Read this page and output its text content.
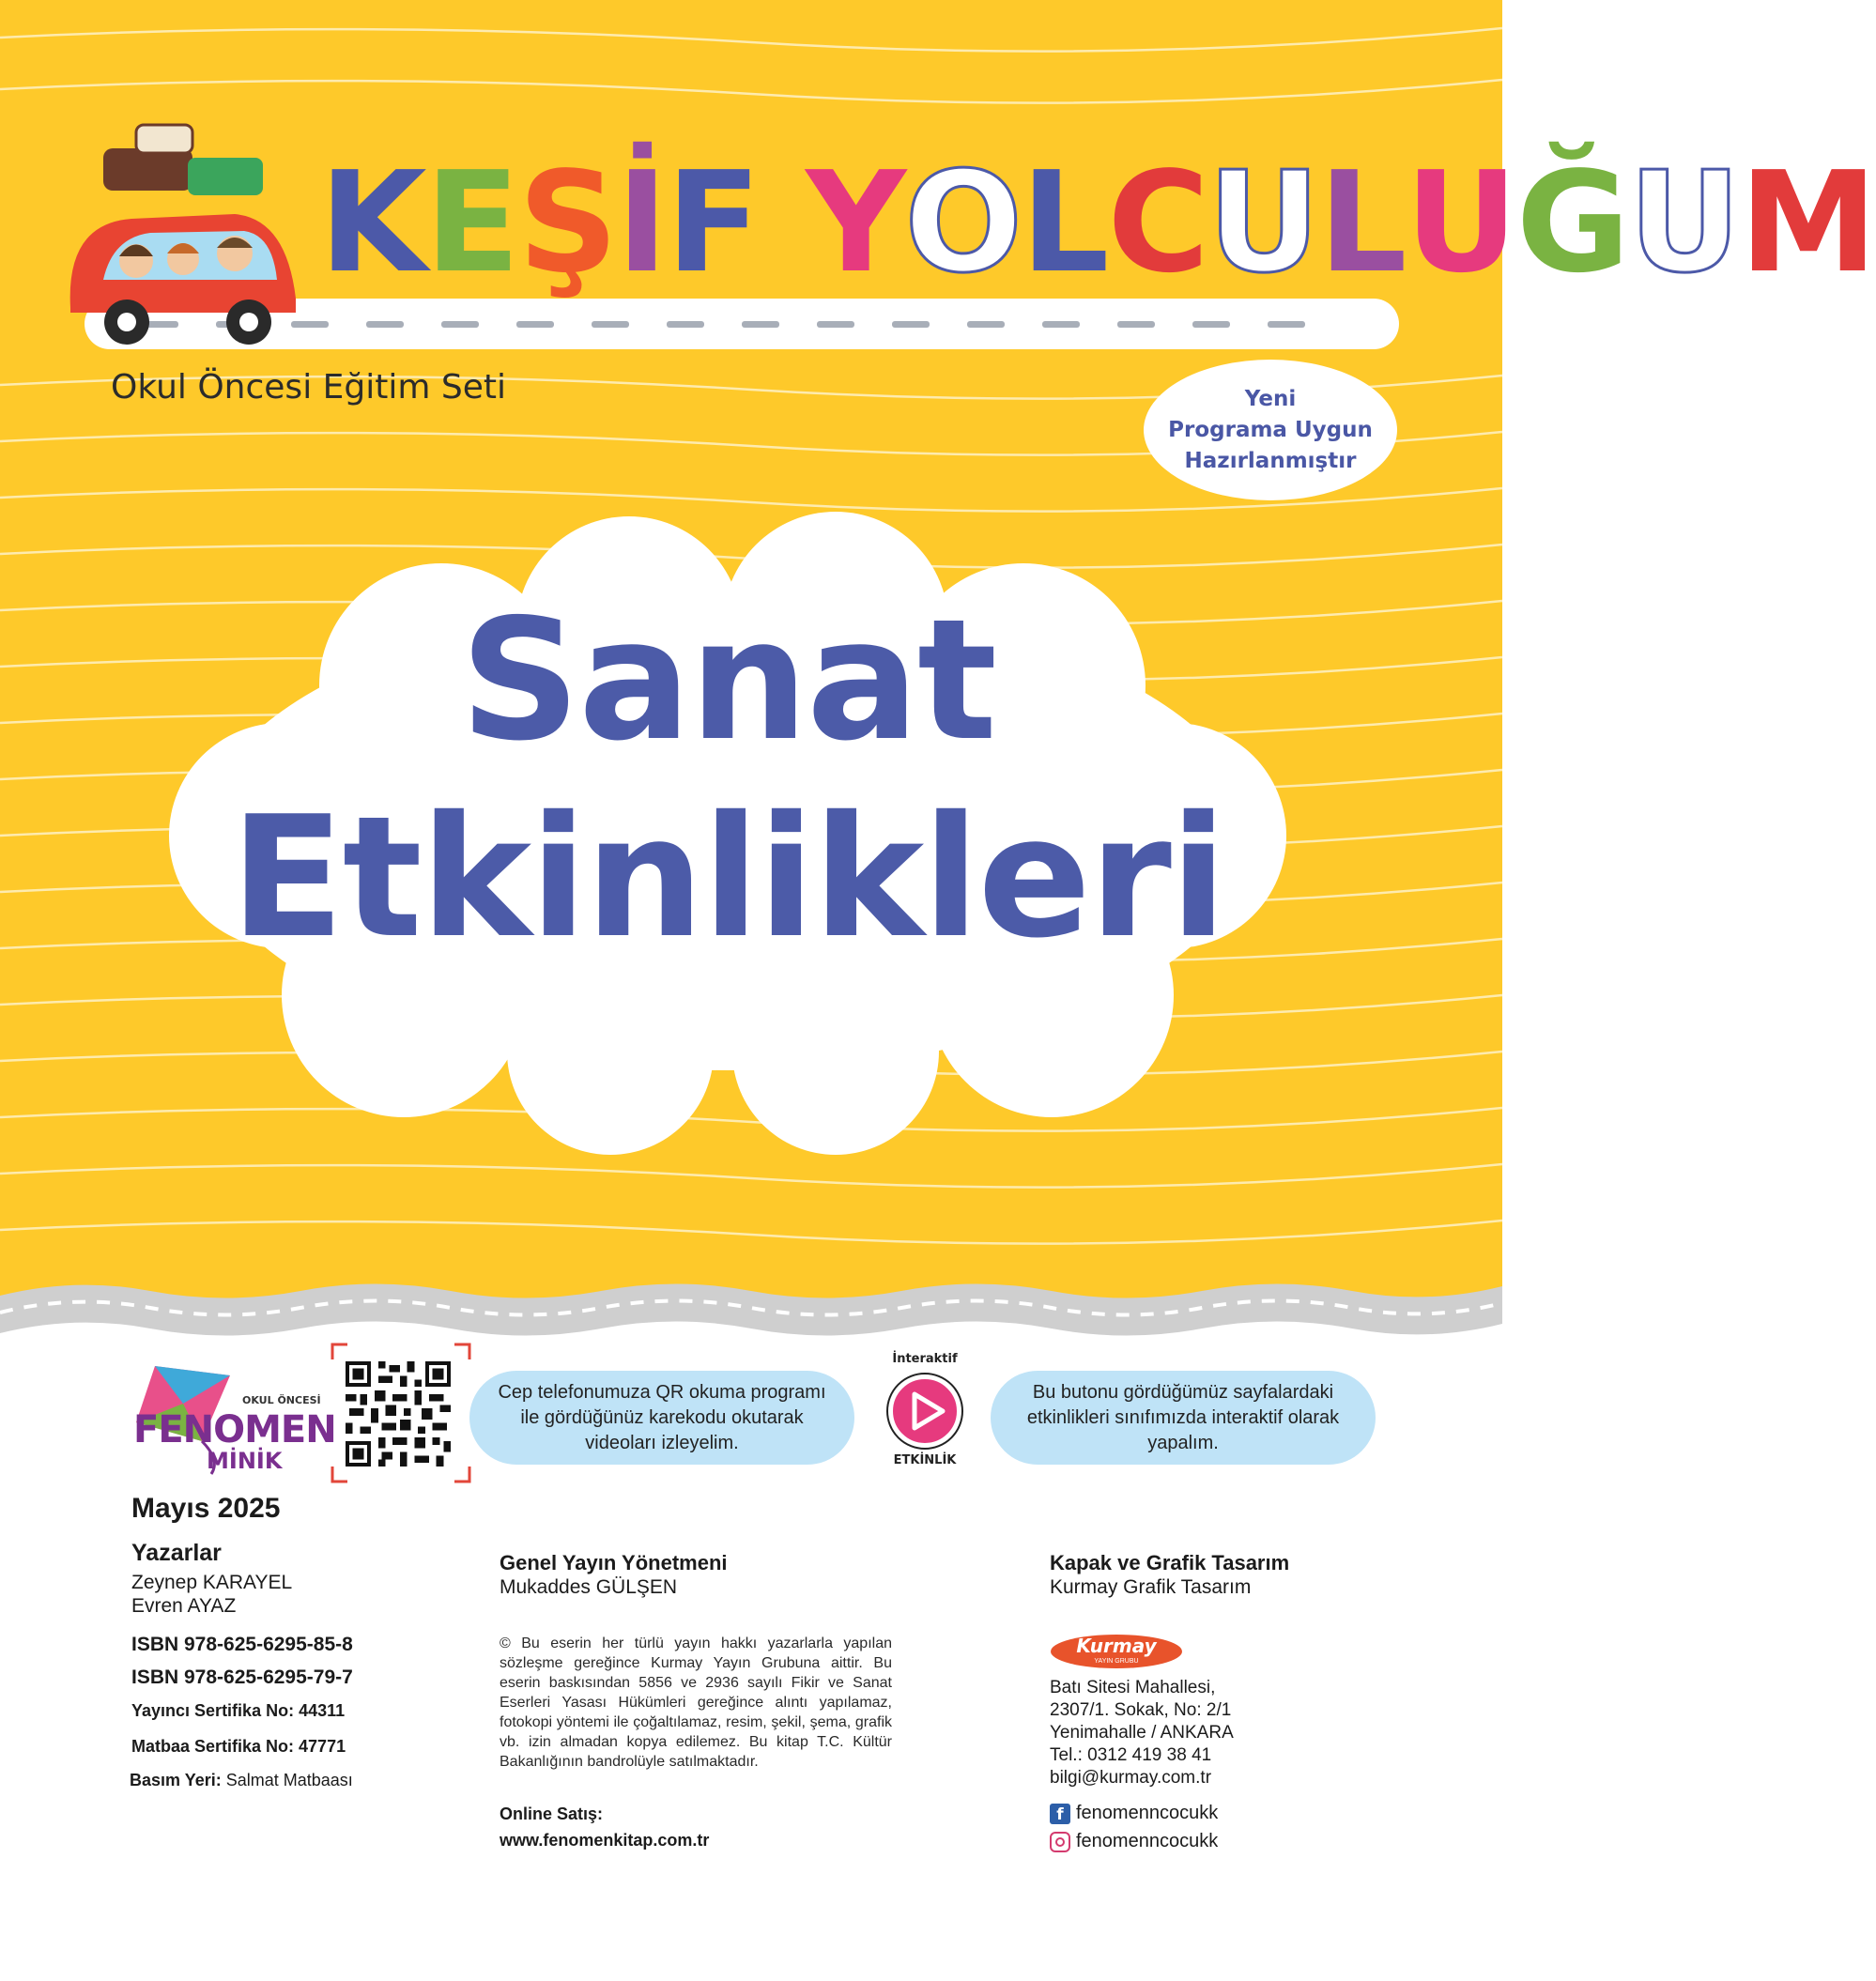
KEŞİF YOLCULUĞUM
Okul Öncesi Eğitim Seti	Yeni
Programa Uygun
Hazırlanmıştır
Sanat
Etkinlikleri
OKUL ÖNCESİ
FENOMEN
MİNİK
Cep telefonumuza QR okuma programı ile gördüğünüz karekodu okutarak videoları izleyelim.
İnteraktif
ETKİNLİK
Bu butonu gördüğümüz sayfalardaki etkinlikleri sınıfımızda interaktif olarak yapalım.
Mayıs 2025
Yazarlar
Zeynep KARAYEL
Evren AYAZ
ISBN 978-625-6295-85-8
ISBN 978-625-6295-79-7
Yayıncı Sertifika No: 44311
Matbaa Sertifika No: 47771
Basım Yeri: Salmat Matbaası
Genel Yayın Yönetmeni
Mukaddes GÜLŞEN
© Bu eserin her türlü yayın hakkı yazarlarla yapılan sözleşme gereğince Kurmay Yayın Grubuna aittir. Bu eserin baskısından 5856 ve 2936 sayılı Fikir ve Sanat Eserleri Yasası Hükümleri gereğince alıntı yapılamaz, fotokopi yöntemi ile çoğaltılamaz, resim, şekil, şema, grafik vb. izin almadan kopya edilemez. Bu kitap T.C. Kültür Bakanlığının bandrolüyle satılmaktadır.
Online Satış:
www.fenomenkitap.com.tr
Kapak ve Grafik Tasarım
Kurmay Grafik Tasarım
Kurmay
YAYIN GRUBU
Batı Sitesi Mahallesi,
2307/1. Sokak, No: 2/1
Yenimahalle / ANKARA
Tel.: 0312 419 38 41
bilgi@kurmay.com.tr
f fenomenncocukk
fenomenncocukk
